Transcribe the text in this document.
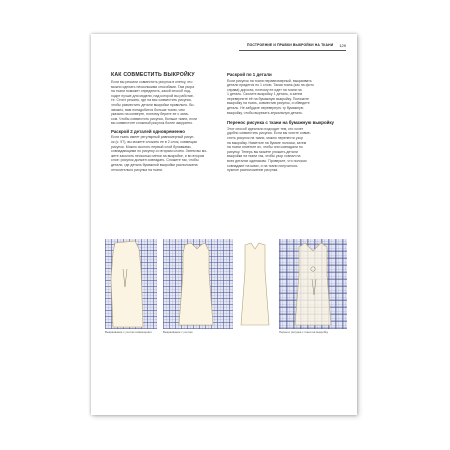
ПОСТРОЕНИЕ И ПРАВКИ ВЫКРОЙКИ НА ТКАНИ 129
КАК СОВМЕСТИТЬ ВЫКРОЙКУ
Если вы решили совместить рисунок в клетку, это
можно сделать несколькими способами. Там узора
на ткани поможет определить, какой способ под-
ходит лучше для модели, над которой вы работае-
те. Стоит решить, где на вас совместить рисунок,
чтобы разместить детали выкройки правильно. Во-
зможно, вам понадобится больше ткани, чем
указано на конверте, поэтому берите ее с запа-
сом. Чтобы совместить рисунок, больше ткани, если
вы совместите сложный рисунок более аккуратно.
Раскрой 2 деталей одновременно
Если ткань имеет регулярный равномерный рисун-
ок (с. 97), вы можете сложить ее в 2 слоя, совмещая
рисунок. Можно сколоть первый слой булавками,
совпадающими по рисунку со вторым слоем. Затем вы мо-
жете заколоть несколько метки на выкройке, и во втором
слое: рисунок должен совпадать. Сложите так, чтобы
детали, где деталь бумажной выкройки расположена
относительно рисунка на ткани.
Раскрой по 1 детали
Если рисунок на ткани неравномерный, выкраивать
детали придется по 1 слою. Такая ткань (как на фото
справа) дорогая, поэтому ее идет на ткани на
1 деталь. Сколите выкройку 1 деталь, а затем
переверните её на бумажную выкройку. Положите
выкройку на ткань, совместив рисунок, и обведите
деталь. Не забудьте перевернуть ту бумажную
выкройку, чтобы вырезать зеркальную деталь.
Перенос рисунка с ткани на бумажную выкройку
Этот способ идеально подходит тем, кто хочет
удобно совместить рисунок. Если вы хотите совме-
стить рисунок на ткани, можно перенести узор
на выкройку. Наметьте на бумаге полоски, затем
на ткани отметьте их, чтобы они совпадали по
рисунку. Теперь вы можете уложить детали
выкройки на ткани так, чтобы узор совпал на
всех деталях одинаково. Проверьте, что полоски
совпадают на швах, и на ткани получилось
нужное расположение рисунка.
Выкраивание с учетом совмещения	Выкраивание с учетом	Перенос рисунка с ткани на выкройку
